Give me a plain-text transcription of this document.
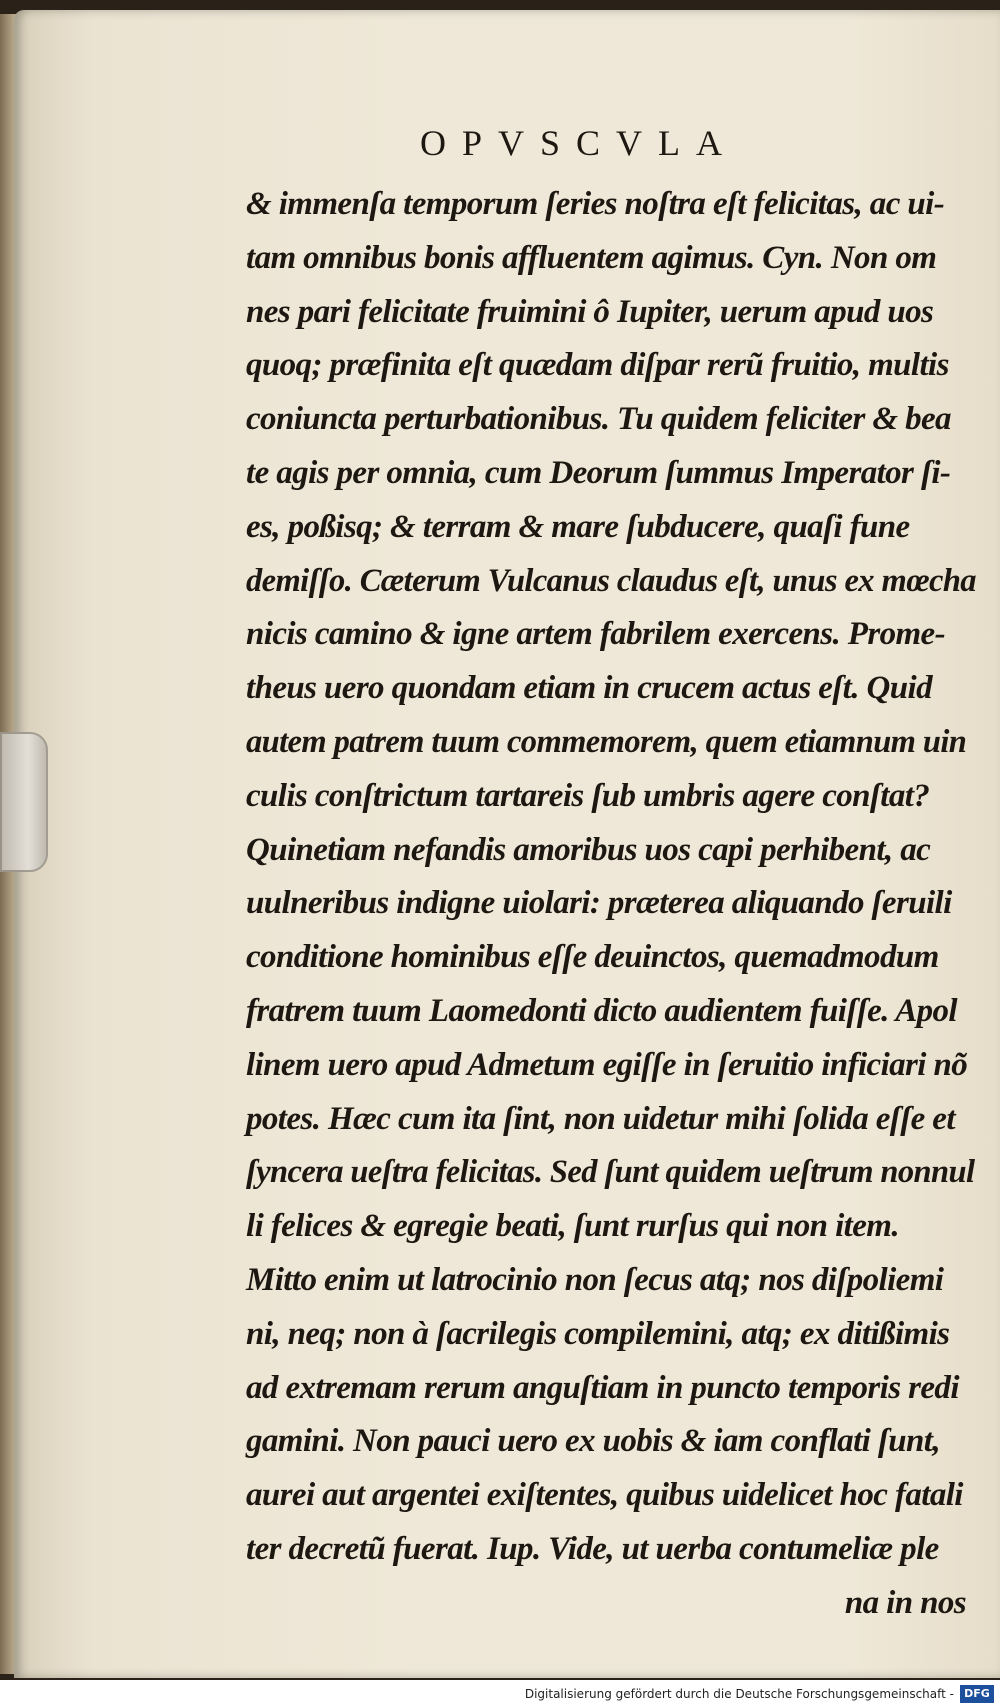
OPVSCVLA
& immenſa temporum ſeries noſtra eſt felicitas, ac ui-
tam omnibus bonis affluentem agimus. Cyn. Non om
nes pari felicitate fruimini ô Iupiter, uerum apud uos
quoq; præfinita eſt quædam diſpar rerũ fruitio, multis
coniuncta perturbationibus. Tu quidem feliciter & bea
te agis per omnia, cum Deorum ſummus Imperator ſi-
es, poßisq; & terram & mare ſubducere, quaſi fune
demiſſo. Cæterum Vulcanus claudus eſt, unus ex mœcha
nicis camino & igne artem fabrilem exercens. Prome-
theus uero quondam etiam in crucem actus eſt. Quid
autem patrem tuum commemorem, quem etiamnum uin
culis conſtrictum tartareis ſub umbris agere conſtat?
Quinetiam nefandis amoribus uos capi perhibent, ac
uulneribus indigne uiolari: præterea aliquando ſeruili
conditione hominibus eſſe deuinctos, quemadmodum
fratrem tuum Laomedonti dicto audientem fuiſſe. Apol
linem uero apud Admetum egiſſe in ſeruitio inficiari nõ
potes. Hæc cum ita ſint, non uidetur mihi ſolida eſſe et
ſyncera ueſtra felicitas. Sed ſunt quidem ueſtrum nonnul
li felices & egregie beati, ſunt rurſus qui non item.
Mitto enim ut latrocinio non ſecus atq; nos diſpoliemi
ni, neq; non à ſacrilegis compilemini, atq; ex ditißimis
ad extremam rerum anguſtiam in puncto temporis redi
gamini. Non pauci uero ex uobis & iam conflati ſunt,
aurei aut argentei exiſtentes, quibus uidelicet hoc fatali
ter decretũ fuerat. Iup. Vide, ut uerba contumeliæ ple
na in nos
Digitalisierung gefördert durch die Deutsche Forschungsgemeinschaft - DFG
